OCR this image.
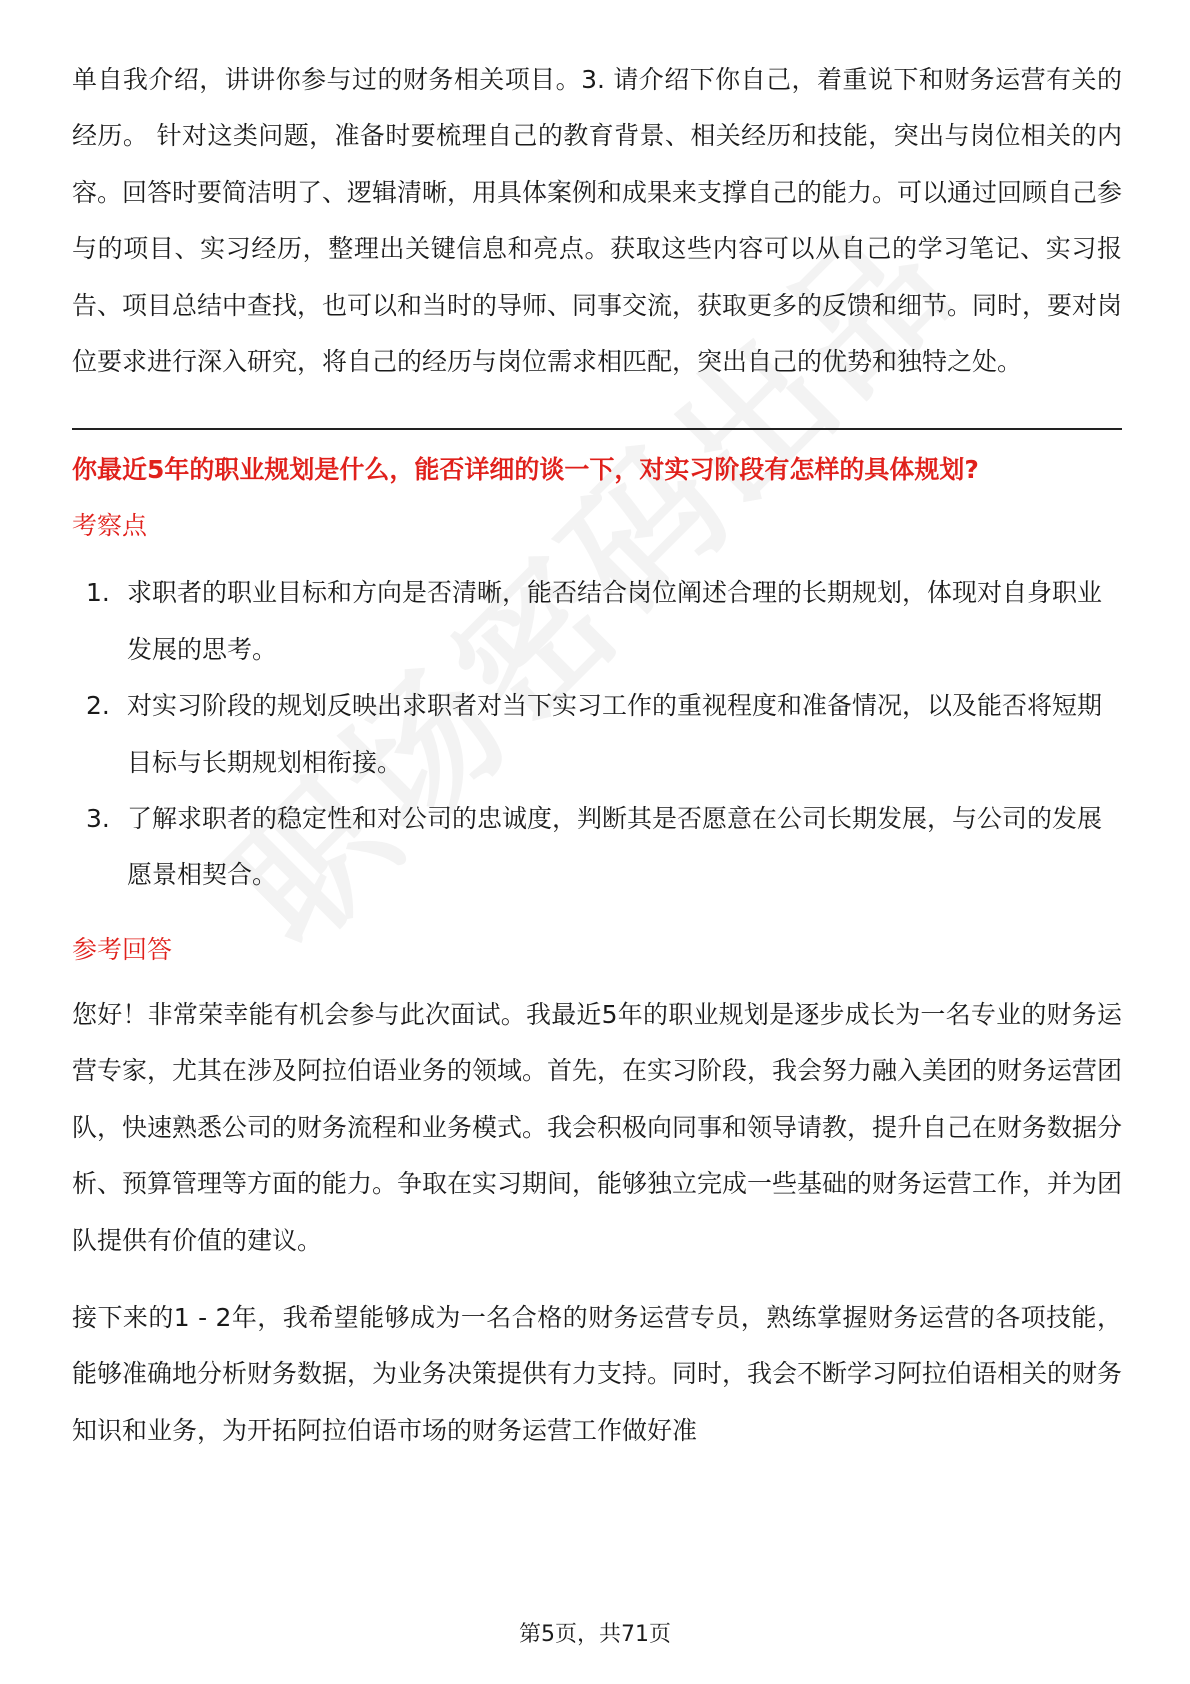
单自我介绍，讲讲你参与过的财务相关项目。3. 请介绍下你自己，着重说下和财务运营有关的经历。 针对这类问题，准备时要梳理自己的教育背景、相关经历和技能，突出与岗位相关的内容。回答时要简洁明了、逻辑清晰，用具体案例和成果来支撑自己的能力。可以通过回顾自己参与的项目、实习经历，整理出关键信息和亮点。获取这些内容可以从自己的学习笔记、实习报告、项目总结中查找，也可以和当时的导师、同事交流，获取更多的反馈和细节。同时，要对岗位要求进行深入研究，将自己的经历与岗位需求相匹配，突出自己的优势和独特之处。

你最近5年的职业规划是什么，能否详细的谈一下，对实习阶段有怎样的具体规划?
考察点
1. 求职者的职业目标和方向是否清晰，能否结合岗位阐述合理的长期规划，体现对自身职业发展的思考。
2. 对实习阶段的规划反映出求职者对当下实习工作的重视程度和准备情况，以及能否将短期目标与长期规划相衔接。
3. 了解求职者的稳定性和对公司的忠诚度，判断其是否愿意在公司长期发展，与公司的发展愿景相契合。
参考回答

您好！非常荣幸能有机会参与此次面试。我最近5年的职业规划是逐步成长为一名专业的财务运营专家，尤其在涉及阿拉伯语业务的领域。首先，在实习阶段，我会努力融入美团的财务运营团队，快速熟悉公司的财务流程和业务模式。我会积极向同事和领导请教，提升自己在财务数据分析、预算管理等方面的能力。争取在实习期间，能够独立完成一些基础的财务运营工作，并为团队提供有价值的建议。

接下来的1 - 2年，我希望能够成为一名合格的财务运营专员，熟练掌握财务运营的各项技能，能够准确地分析财务数据，为业务决策提供有力支持。同时，我会不断学习阿拉伯语相关的财务知识和业务，为开拓阿拉伯语市场的财务运营工作做好准

第5页，共71页
